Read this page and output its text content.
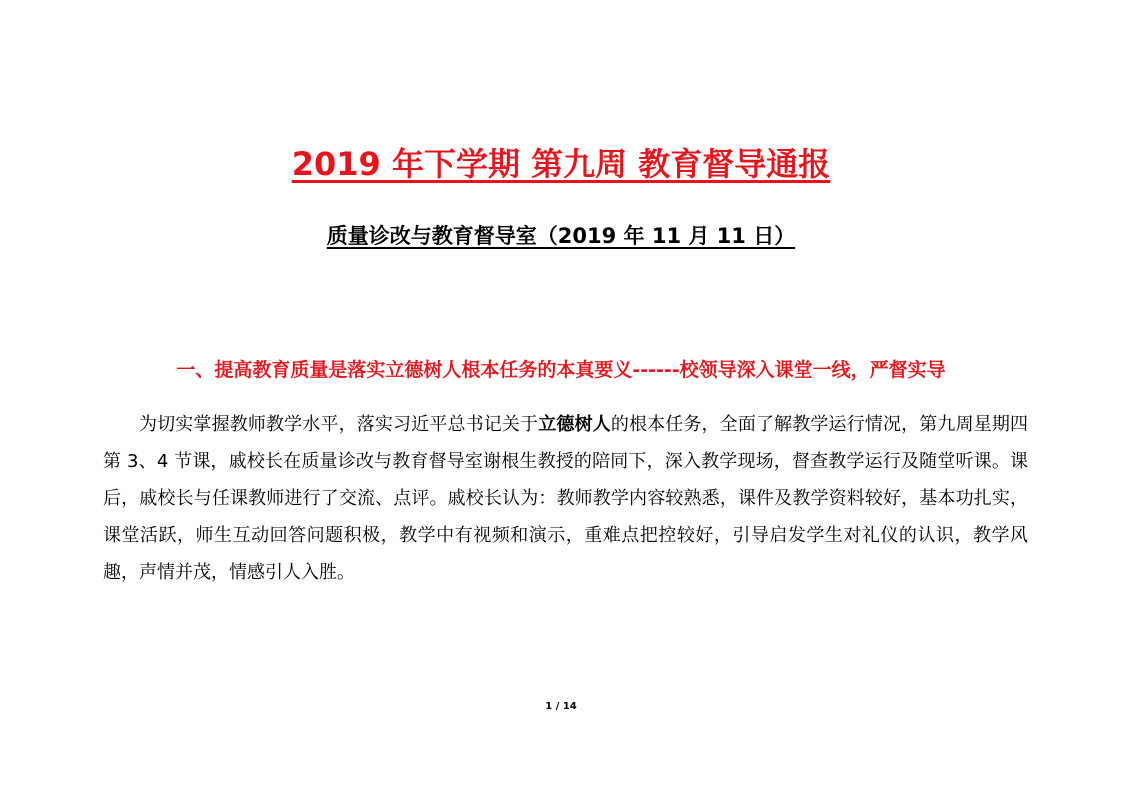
2019 年下学期 第九周 教育督导通报
质量诊改与教育督导室（2019 年 11 月 11 日）
一、提高教育质量是落实立德树人根本任务的本真要义------校领导深入课堂一线，严督实导
为切实掌握教师教学水平，落实习近平总书记关于立德树人的根本任务，全面了解教学运行情况，第九周星期四第 3、4 节课，戚校长在质量诊改与教育督导室谢根生教授的陪同下，深入教学现场，督查教学运行及随堂听课。课后，戚校长与任课教师进行了交流、点评。戚校长认为：教师教学内容较熟悉，课件及教学资料较好，基本功扎实，课堂活跃，师生互动回答问题积极，教学中有视频和演示，重难点把控较好，引导启发学生对礼仪的认识，教学风趣，声情并茂，情感引人入胜。
1 / 14
